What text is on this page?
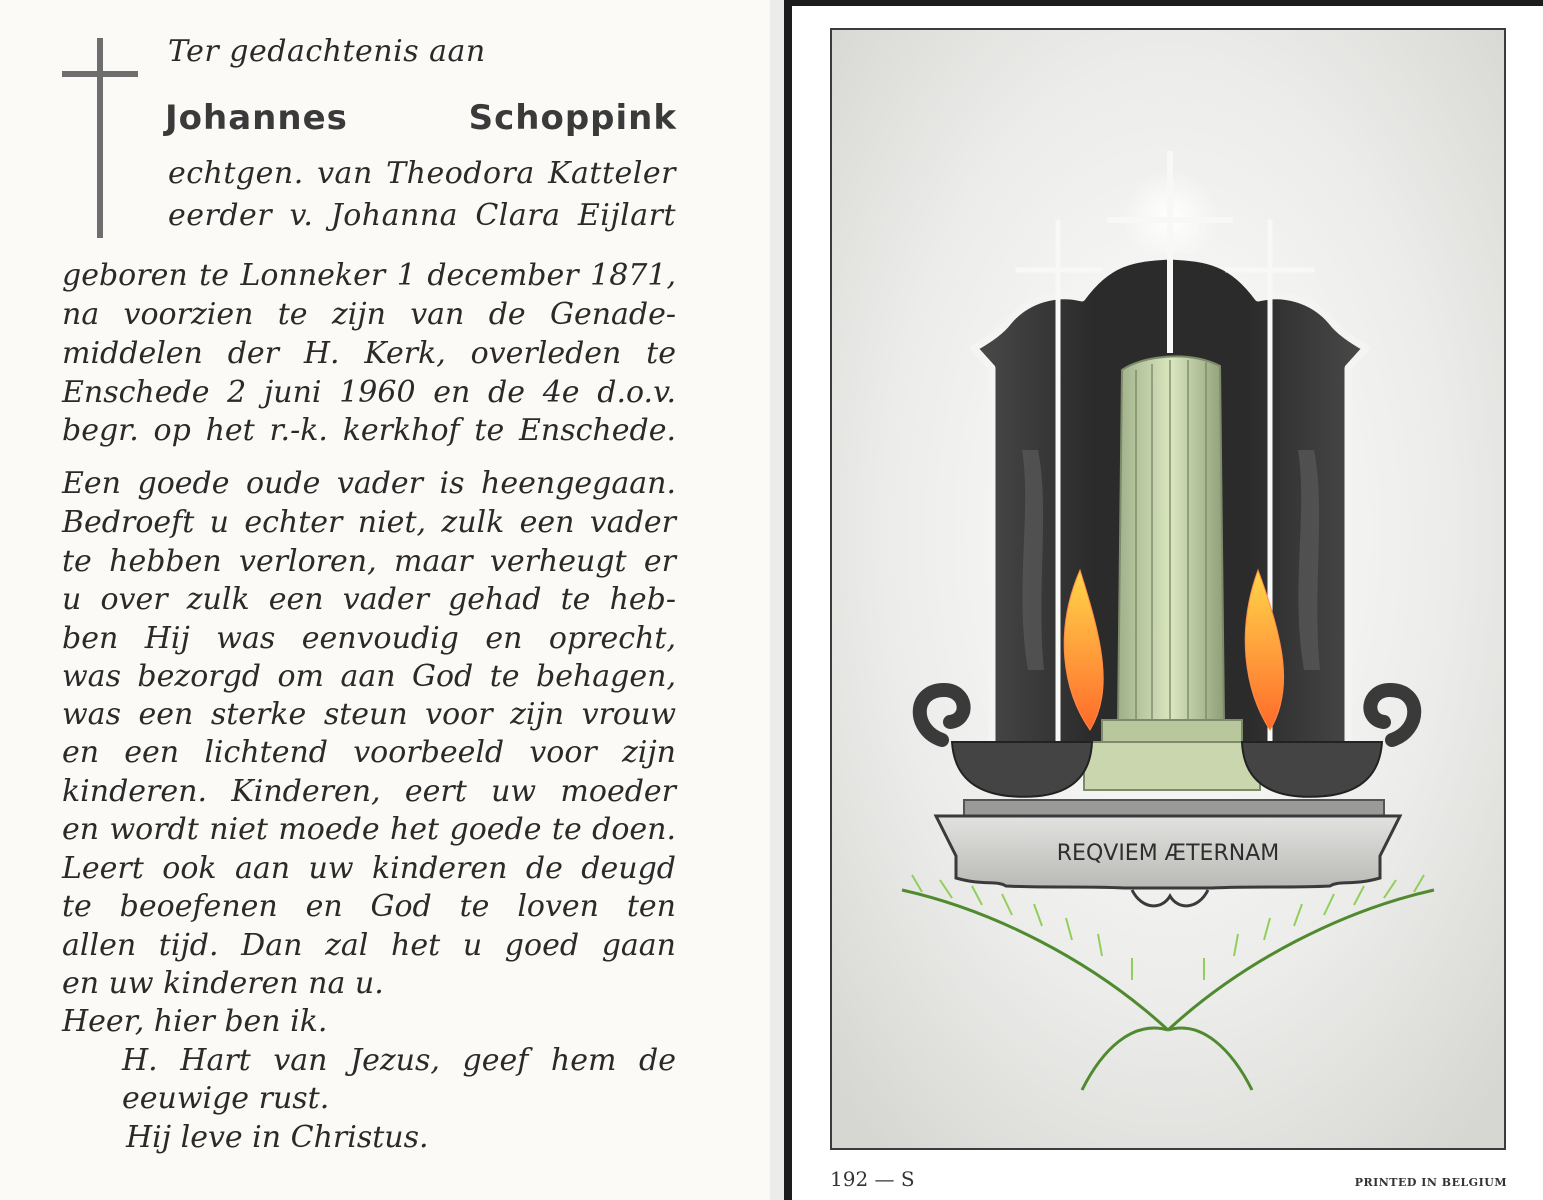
Ter gedachtenis aan
Johannes Schoppink
echtgen. van Theodora Katteler
eerder v. Johanna Clara Eijlart
geboren te Lonneker 1 december 1871,
na voorzien te zijn van de Genade-
middelen der H. Kerk, overleden te
Enschede 2 juni 1960 en de 4e d.o.v.
begr. op het r.-k. kerkhof te Enschede.
Een goede oude vader is heengegaan.
Bedroeft u echter niet, zulk een vader
te hebben verloren, maar verheugt er
u over zulk een vader gehad te heb-
ben Hij was eenvoudig en oprecht,
was bezorgd om aan God te behagen,
was een sterke steun voor zijn vrouw
en een lichtend voorbeeld voor zijn
kinderen. Kinderen, eert uw moeder
en wordt niet moede het goede te doen.
Leert ook aan uw kinderen de deugd
te beoefenen en God te loven ten
allen tijd. Dan zal het u goed gaan
en uw kinderen na u.
Heer, hier ben ik.
H. Hart van Jezus, geef hem de
eeuwige rust.
Hij leve in Christus.
REQVIEM ÆTERNAM
192 — S	PRINTED IN BELGIUM
